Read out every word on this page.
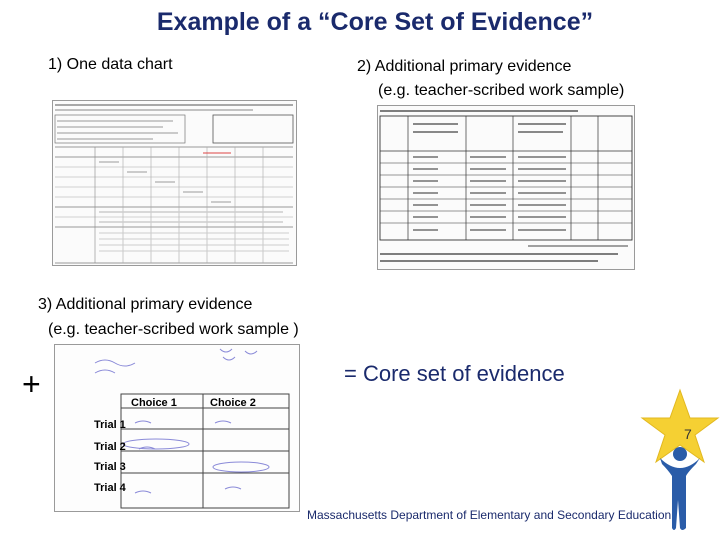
Example of a “Core Set of Evidence”
1) One data chart	2) Additional primary evidence
(e.g. teacher-scribed work sample)
3) Additional primary evidence
(e.g. teacher-scribed work sample )
+
Choice 1	Choice 2
Trial 1
Trial 2
Trial 3
Trial 4
= Core set of evidence
7
Massachusetts Department of Elementary and Secondary Education
